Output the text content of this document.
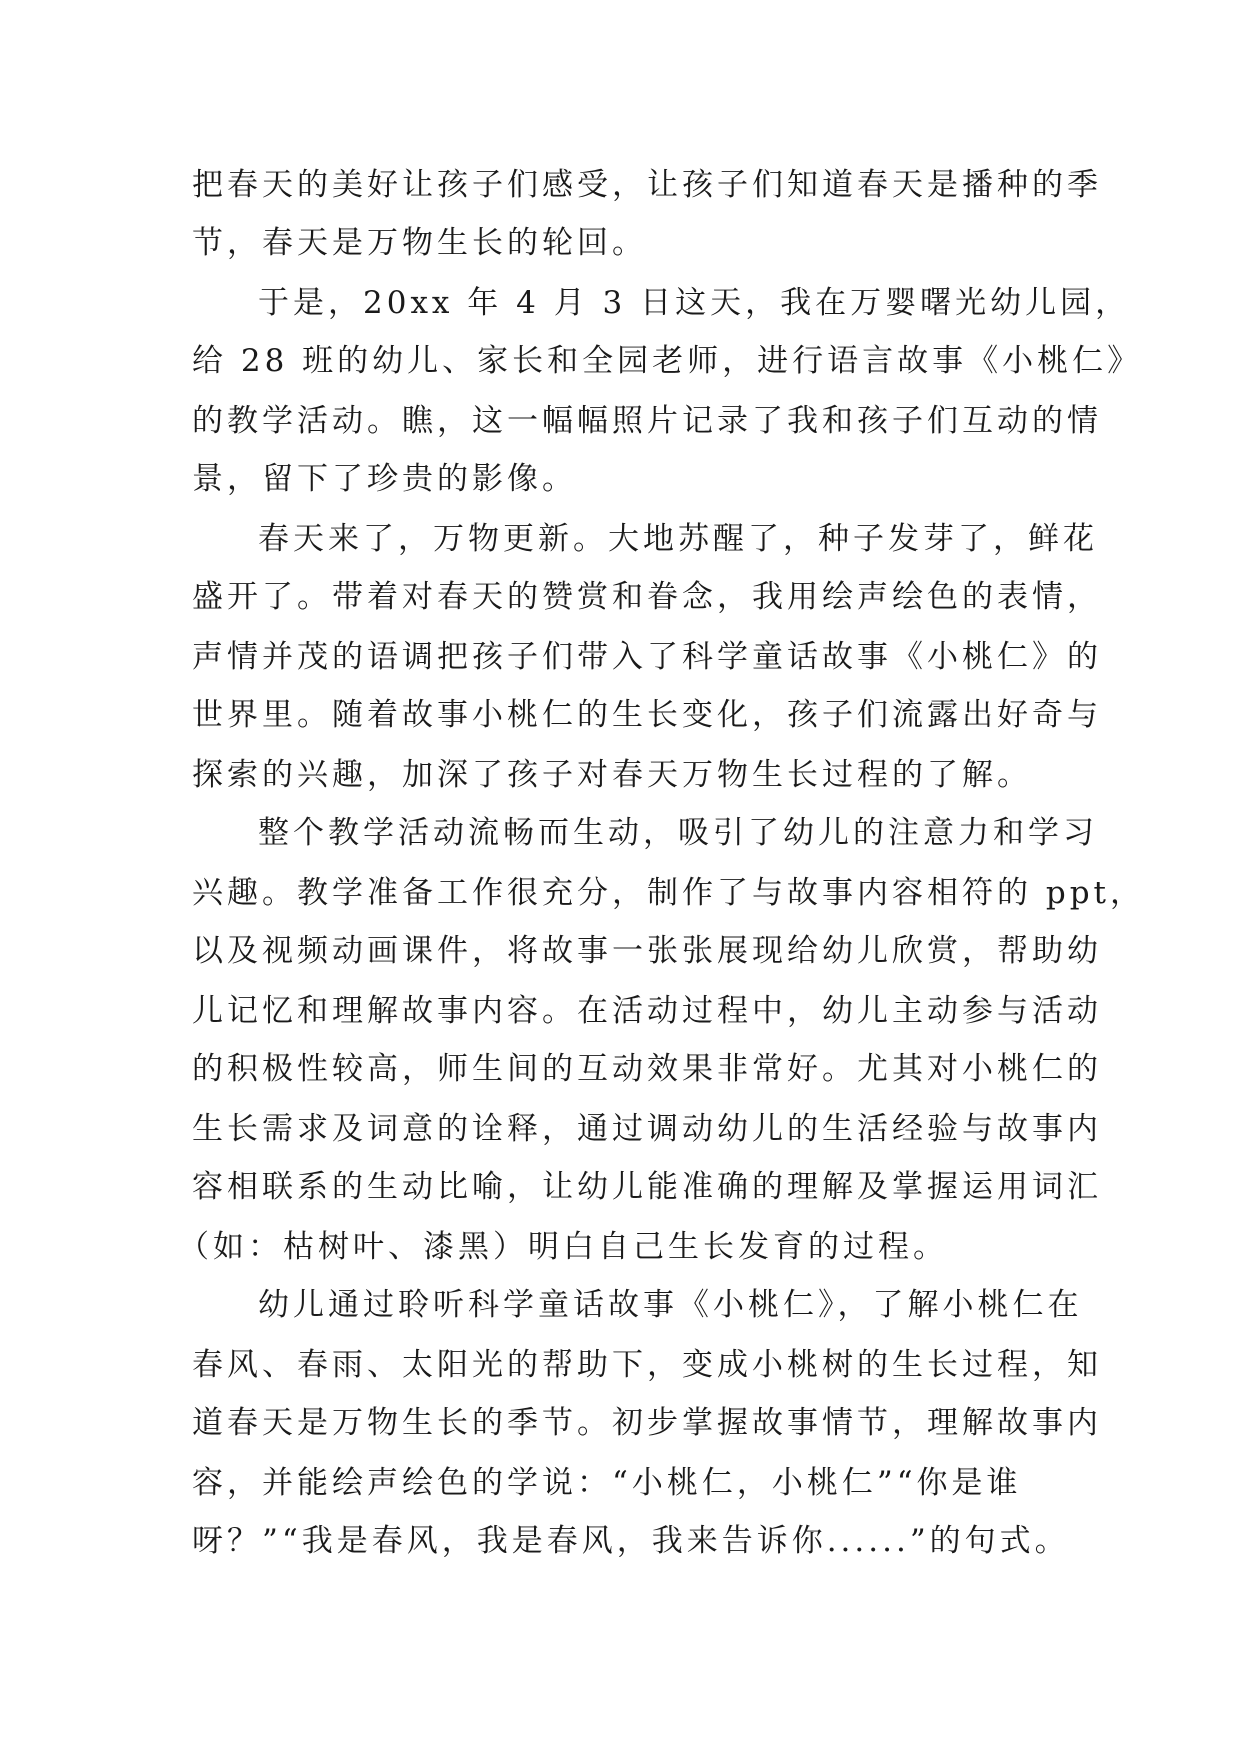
把春天的美好让孩子们感受，让孩子们知道春天是播种的季
节，春天是万物生长的轮回。
于是，20xx 年 4 月 3 日这天，我在万婴曙光幼儿园，
给 28 班的幼儿、家长和全园老师，进行语言故事《小桃仁》
的教学活动。瞧，这一幅幅照片记录了我和孩子们互动的情
景，留下了珍贵的影像。
春天来了，万物更新。大地苏醒了，种子发芽了，鲜花
盛开了。带着对春天的赞赏和眷念，我用绘声绘色的表情，
声情并茂的语调把孩子们带入了科学童话故事《小桃仁》的
世界里。随着故事小桃仁的生长变化，孩子们流露出好奇与
探索的兴趣，加深了孩子对春天万物生长过程的了解。
整个教学活动流畅而生动，吸引了幼儿的注意力和学习
兴趣。教学准备工作很充分，制作了与故事内容相符的 ppt，
以及视频动画课件，将故事一张张展现给幼儿欣赏，帮助幼
儿记忆和理解故事内容。在活动过程中，幼儿主动参与活动
的积极性较高，师生间的互动效果非常好。尤其对小桃仁的
生长需求及词意的诠释，通过调动幼儿的生活经验与故事内
容相联系的生动比喻，让幼儿能准确的理解及掌握运用词汇
（如：枯树叶、漆黑）明白自己生长发育的过程。
幼儿通过聆听科学童话故事《小桃仁》，了解小桃仁在
春风、春雨、太阳光的帮助下，变成小桃树的生长过程，知
道春天是万物生长的季节。初步掌握故事情节，理解故事内
容，并能绘声绘色的学说：“小桃仁，小桃仁”“你是谁
呀？”“我是春风，我是春风，我来告诉你......”的句式。
